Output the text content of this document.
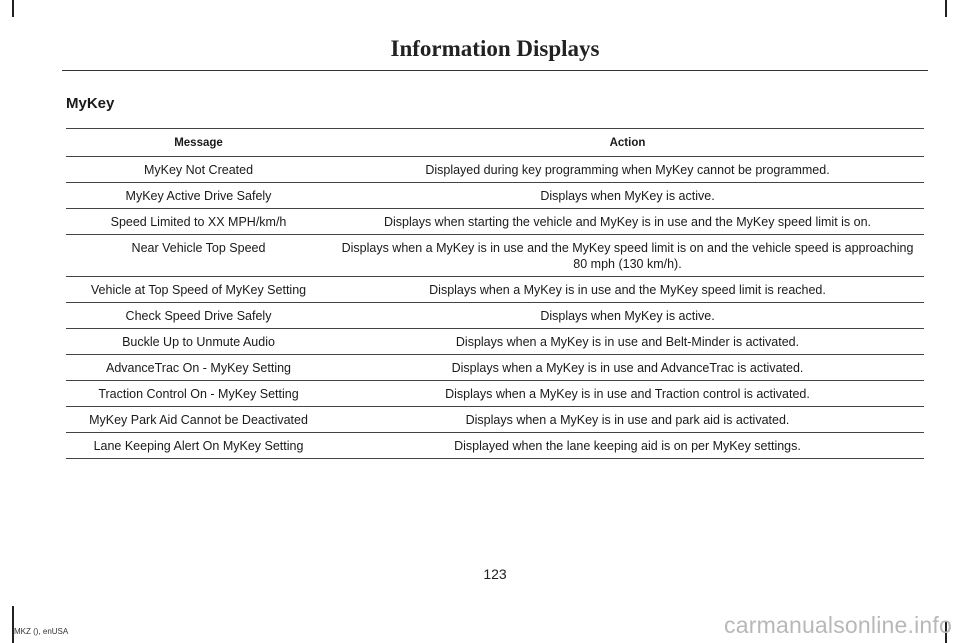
Information Displays
MyKey
Message	Action
MyKey Not Created	Displayed during key programming when MyKey cannot be programmed.
MyKey Active Drive Safely	Displays when MyKey is active.
Speed Limited to XX MPH/km/h	Displays when starting the vehicle and MyKey is in use and the MyKey speed limit is on.
Near Vehicle Top Speed	Displays when a MyKey is in use and the MyKey speed limit is on and the vehicle speed is approaching 80 mph (130 km/h).
Vehicle at Top Speed of MyKey Setting	Displays when a MyKey is in use and the MyKey speed limit is reached.
Check Speed Drive Safely	Displays when MyKey is active.
Buckle Up to Unmute Audio	Displays when a MyKey is in use and Belt-Minder is activated.
AdvanceTrac On - MyKey Setting	Displays when a MyKey is in use and AdvanceTrac is activated.
Traction Control On - MyKey Setting	Displays when a MyKey is in use and Traction control is activated.
MyKey Park Aid Cannot be Deactivated	Displays when a MyKey is in use and park aid is activated.
Lane Keeping Alert On MyKey Setting	Displayed when the lane keeping aid is on per MyKey settings.
123
MKZ (), enUSA	carmanualsonline.info
